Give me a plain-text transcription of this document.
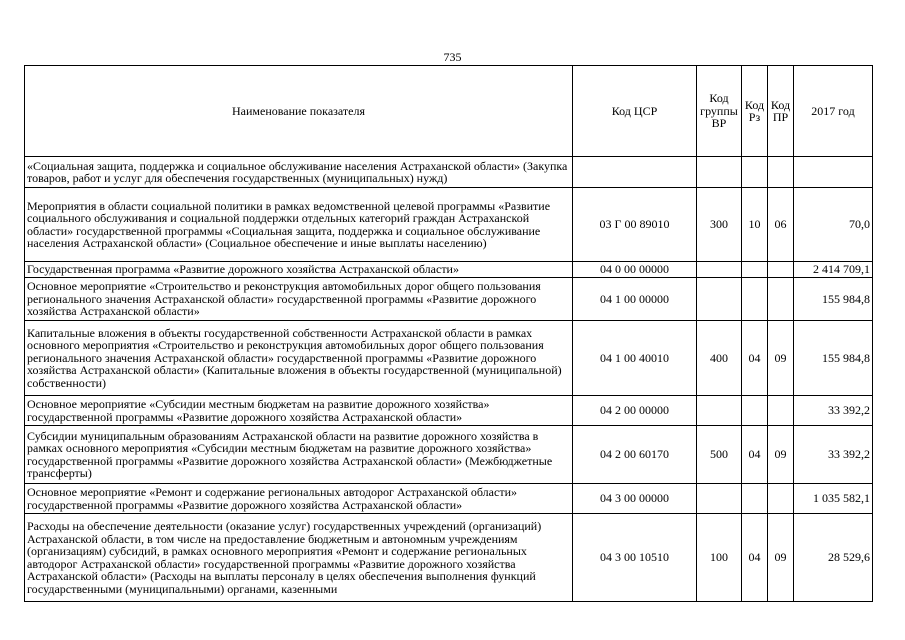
735
Наименование показателя	Код ЦСР	Код группы ВР	Код Рз	Код ПР	2017 год
«Социальная защита, поддержка и социальное обслуживание населения Астраханской области» (Закупка товаров, работ и услуг для обеспечения государственных (муниципальных) нужд)					
Мероприятия в области социальной политики в рамках ведомственной целевой программы «Развитие социального обслуживания и социальной поддержки отдельных категорий граждан Астраханской области» государственной программы «Социальная защита, поддержка и социальное обслуживание населения Астраханской области» (Социальное обеспечение и иные выплаты населению)	03 Г 00 89010	300	10	06	70,0
Государственная программа «Развитие дорожного хозяйства Астраханской области»	04 0 00 00000				2 414 709,1
Основное мероприятие «Строительство и реконструкция автомобильных дорог общего пользования регионального значения Астраханской области» государственной программы «Развитие дорожного хозяйства Астраханской области»	04 1 00 00000				155 984,8
Капитальные вложения в объекты государственной собственности Астраханской области в рамках основного мероприятия «Строительство и реконструкция автомобильных дорог общего пользования регионального значения Астраханской области» государственной программы «Развитие дорожного хозяйства Астраханской области» (Капитальные вложения в объекты государственной (муниципальной) собственности)	04 1 00 40010	400	04	09	155 984,8
Основное мероприятие «Субсидии местным бюджетам на развитие дорожного хозяйства» государственной программы «Развитие дорожного хозяйства Астраханской области»	04 2 00 00000				33 392,2
Субсидии муниципальным образованиям Астраханской области на развитие дорожного хозяйства в рамках основного мероприятия «Субсидии местным бюджетам на развитие дорожного хозяйства» государственной программы «Развитие дорожного хозяйства Астраханской области» (Межбюджетные трансферты)	04 2 00 60170	500	04	09	33 392,2
Основное мероприятие «Ремонт и содержание региональных автодорог Астраханской области» государственной программы «Развитие дорожного хозяйства Астраханской области»	04 3 00 00000				1 035 582,1
Расходы на обеспечение деятельности (оказание услуг) государственных учреждений (организаций) Астраханской области, в том числе на предоставление бюджетным и автономным учреждениям (организациям) субсидий, в рамках основного мероприятия «Ремонт и содержание региональных автодорог Астраханской области» государственной программы «Развитие дорожного хозяйства Астраханской области» (Расходы на выплаты персоналу в целях обеспечения выполнения функций государственными (муниципальными) органами, казенными	04 3 00 10510	100	04	09	28 529,6
